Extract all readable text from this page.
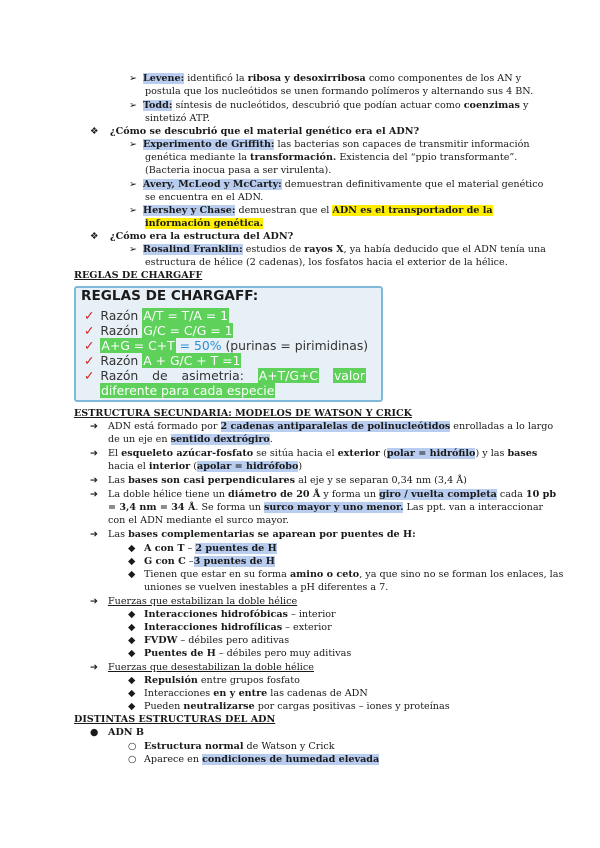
➢ Levene: identificó la ribosa y desoxirribosa como componentes de los AN y
postula que los nucleótidos se unen formando polímeros y alternando sus 4 BN.
➢ Todd: síntesis de nucleótidos, descubrió que podían actuar como coenzimas y
sintetizó ATP.
❖ ¿Cómo se descubrió que el material genético era el ADN?
➢ Experimento de Griffith: las bacterias son capaces de transmitir información
genética mediante la transformación. Existencia del “ppio transformante”.
(Bacteria inocua pasa a ser virulenta).
➢ Avery, McLeod y McCarty: demuestran definitivamente que el material genético
se encuentra en el ADN.
➢ Hershey y Chase: demuestran que el ADN es el transportador de la
información genética.
❖ ¿Cómo era la estructura del ADN?
➢ Rosalind Franklin: estudios de rayos X, ya había deducido que el ADN tenía una
estructura de hélice (2 cadenas), los fosfatos hacia el exterior de la hélice.
REGLAS DE CHARGAFF
REGLAS DE CHARGAFF:
✓ Razón A/T = T/A = 1
✓ Razón G/C = C/G = 1
✓ A+G = C+T = 50% (purinas = pirimidinas)
✓ Razón A + G/C + T =1
✓ Razón de asimetria: A+T/G+C valor
diferente para cada especie
ESTRUCTURA SECUNDARIA: MODELOS DE WATSON Y CRICK
➔ ADN está formado por 2 cadenas antiparalelas de polinucleótidos enrolladas a lo largo
de un eje en sentido dextrógiro.
➔ El esqueleto azúcar-fosfato se sitúa hacia el exterior (polar = hidrófilo) y las bases
hacia el interior (apolar = hidrófobo)
➔ Las bases son casi perpendiculares al eje y se separan 0,34 nm (3,4 Å)
➔ La doble hélice tiene un diámetro de 20 Å y forma un giro / vuelta completa cada 10 pb
= 3,4 nm = 34 Å. Se forma un surco mayor y uno menor. Las ppt. van a interaccionar
con el ADN mediante el surco mayor.
➔ Las bases complementarias se aparean por puentes de H:
◆ A con T – 2 puentes de H
◆ G con C –3 puentes de H
◆ Tienen que estar en su forma amino o ceto, ya que sino no se forman los enlaces, las
uniones se vuelven inestables a pH diferentes a 7.
➔ Fuerzas que estabilizan la doble hélice
◆ Interacciones hidrofóbicas – interior
◆ Interacciones hidrofílicas – exterior
◆ FVDW – débiles pero aditivas
◆ Puentes de H – débiles pero muy aditivas
➔ Fuerzas que desestabilizan la doble hélice
◆ Repulsión entre grupos fosfato
◆ Interacciones en y entre las cadenas de ADN
◆ Pueden neutralizarse por cargas positivas – iones y proteínas
DISTINTAS ESTRUCTURAS DEL ADN
● ADN B
○ Estructura normal de Watson y Crick
○ Aparece en condiciones de humedad elevada
